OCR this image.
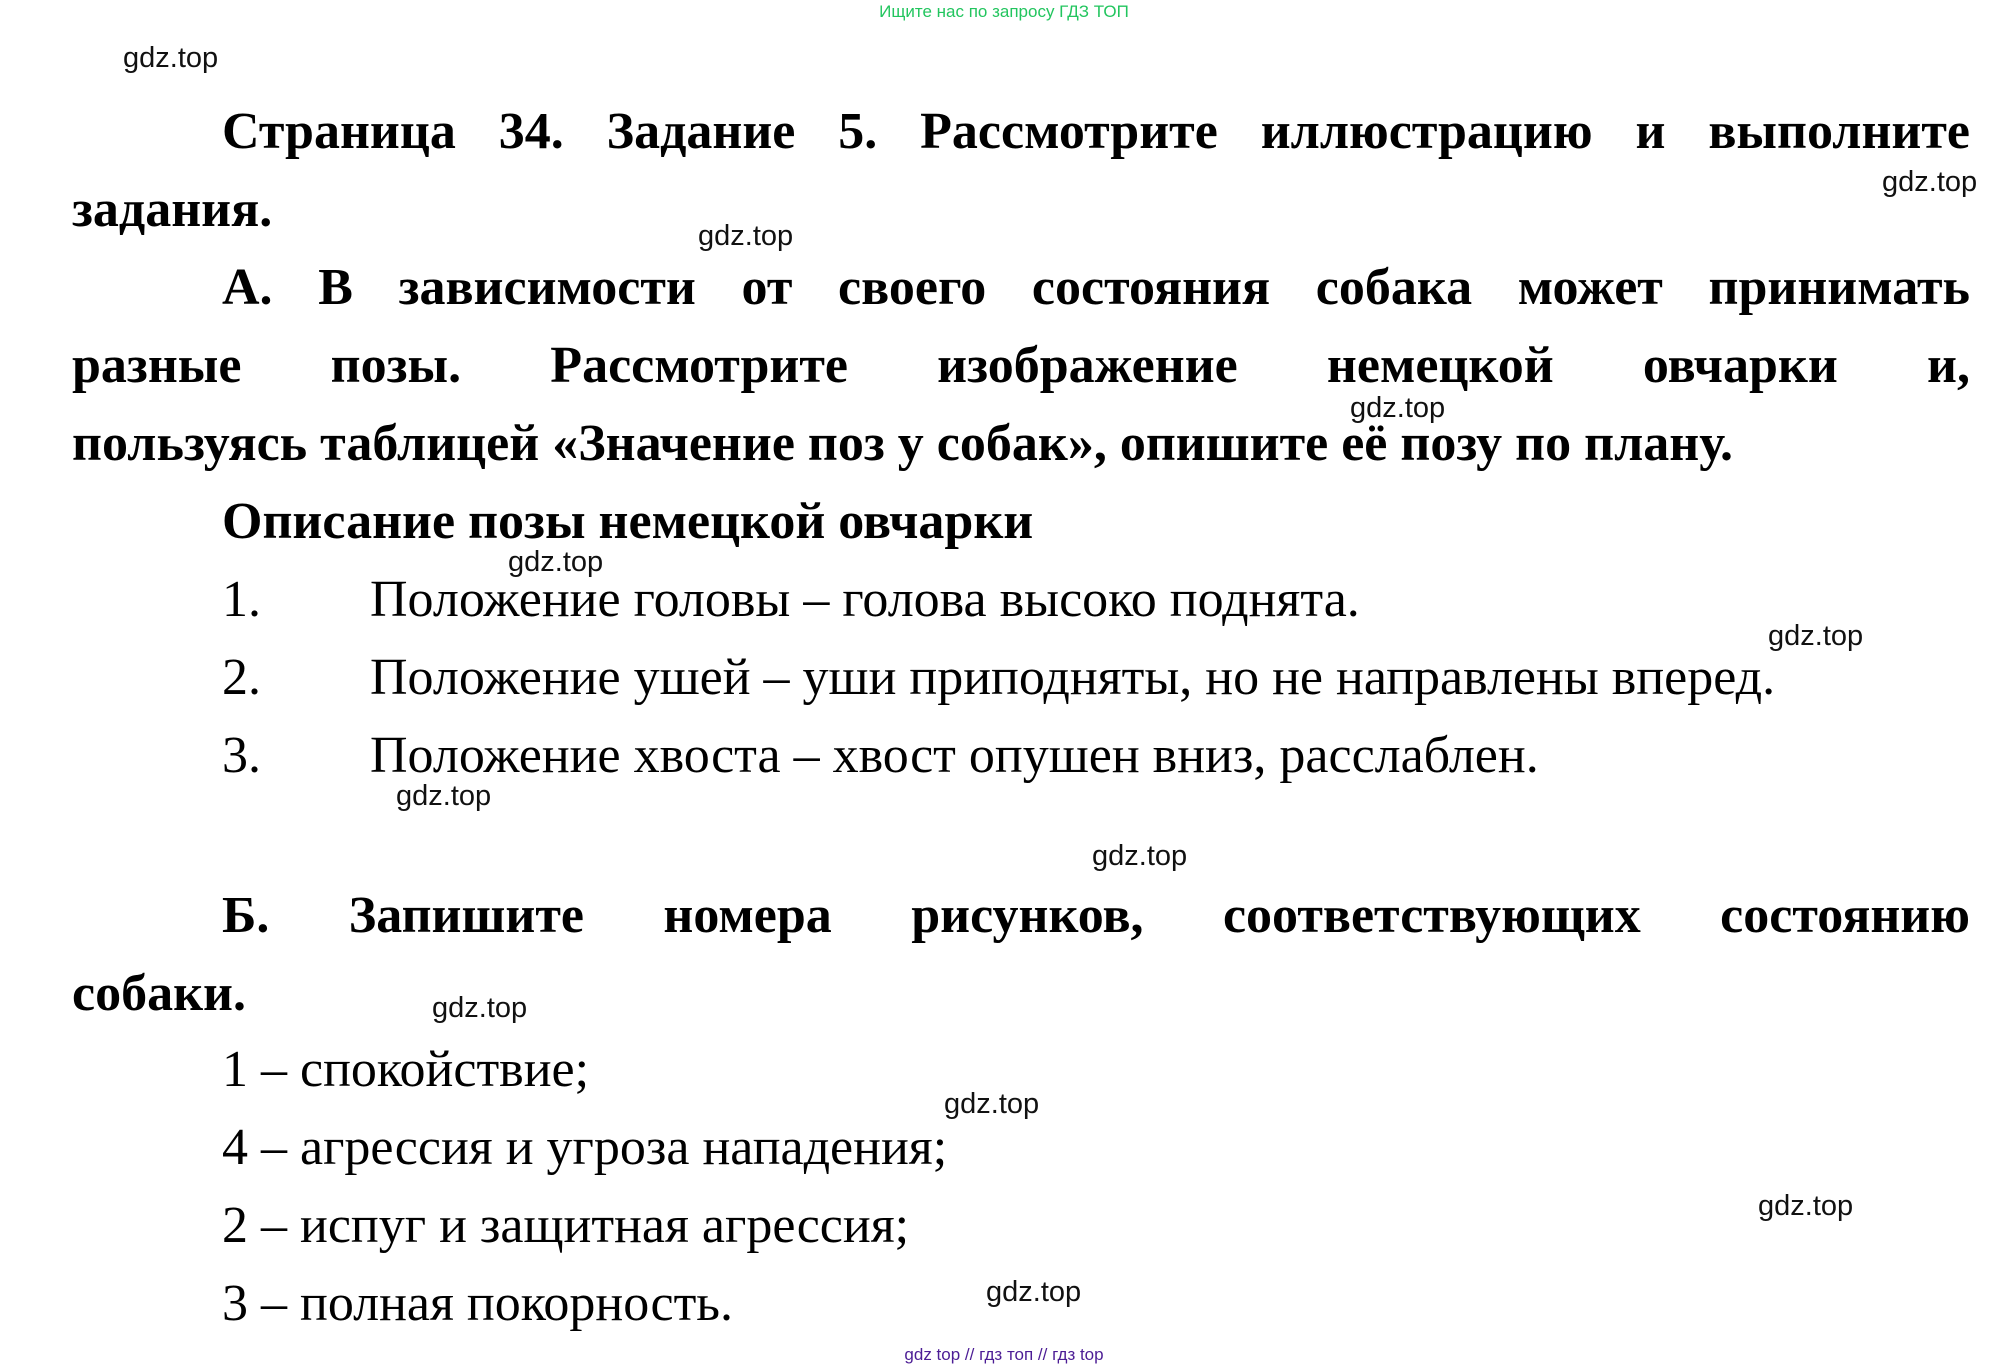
Ищите нас по запросу ГДЗ ТОП
Страница 34. Задание 5. Рассмотрите иллюстрацию и выполните
задания.
А. В зависимости от своего состояния собака может принимать
разные позы. Рассмотрите изображение немецкой овчарки и,
пользуясь таблицей «Значение поз у собак», опишите её позу по плану.
Описание позы немецкой овчарки
1. Положение головы – голова высоко поднята.
2. Положение ушей – уши приподняты, но не направлены вперед.
3. Положение хвоста – хвост опушен вниз, расслаблен.
Б. Запишите номера рисунков, соответствующих состоянию
собаки.
1 – спокойствие;
4 – агрессия и угроза нападения;
2 – испуг и защитная агрессия;
3 – полная покорность.
gdz.top
gdz.top
gdz.top
gdz.top
gdz.top
gdz.top
gdz.top
gdz.top
gdz.top
gdz.top
gdz.top
gdz.top
gdz top // гдз топ // гдз top
